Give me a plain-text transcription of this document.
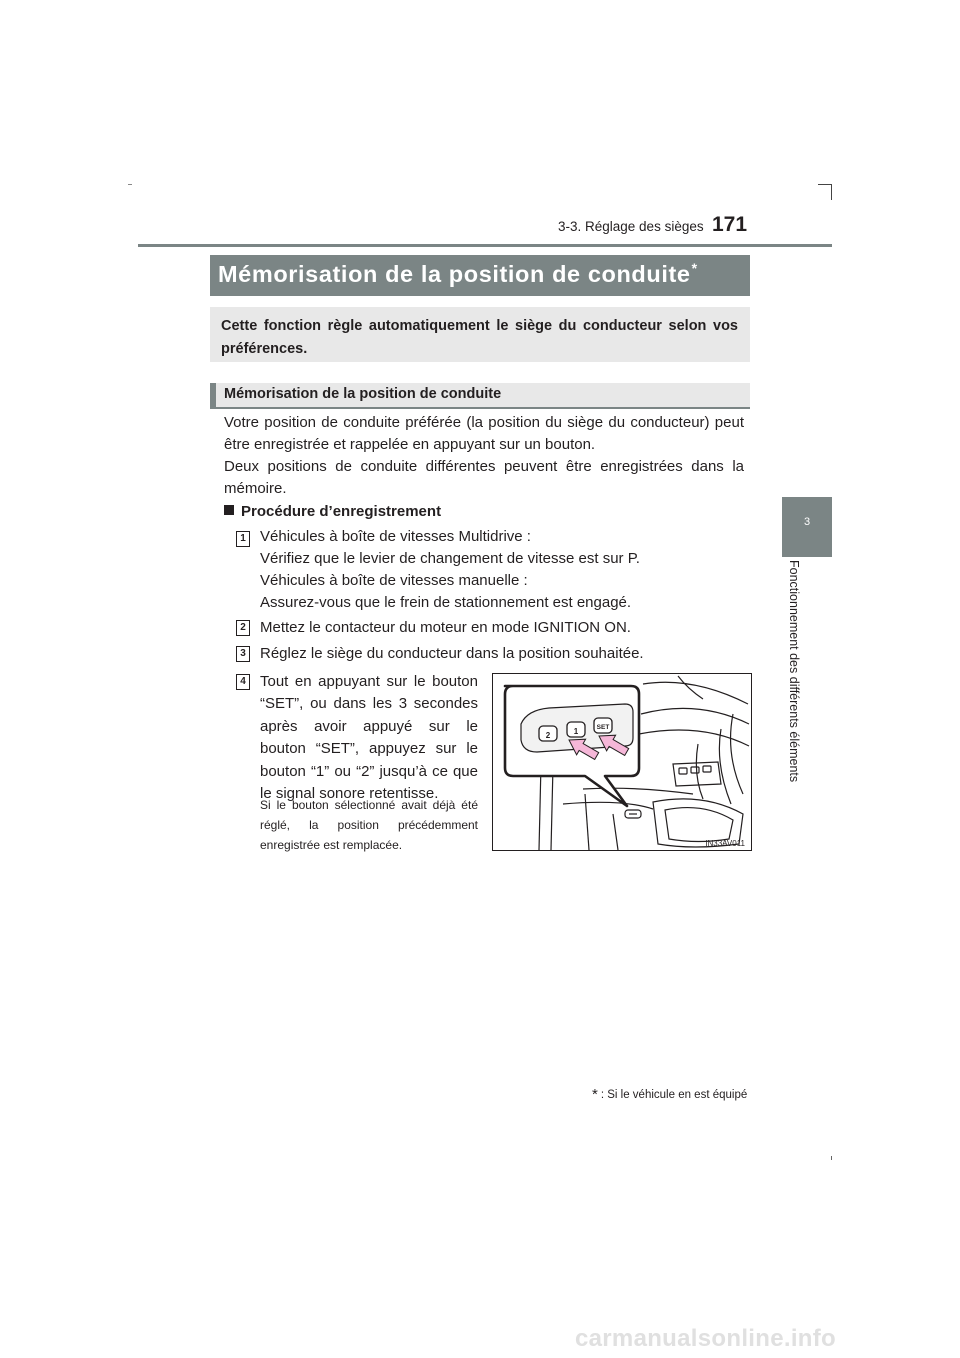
3-3. Réglage des sièges 171
3
Fonctionnement des différents éléments
Mémorisation de la position de conduite*
Cette fonction règle automatiquement le siège du conducteur selon vos préférences.
Mémorisation de la position de conduite
Votre position de conduite préférée (la position du siège du conducteur) peut être enregistrée et rappelée en appuyant sur un bouton.
Deux positions de conduite différentes peuvent être enregistrées dans la mémoire.
Procédure d’enregistrement
1 Véhicules à boîte de vitesses Multidrive :
Vérifiez que le levier de changement de vitesse est sur P.
Véhicules à boîte de vitesses manuelle :
Assurez-vous que le frein de stationnement est engagé.
2 Mettez le contacteur du moteur en mode IGNITION ON.
3 Réglez le siège du conducteur dans la position souhaitée.
4 Tout en appuyant sur le bouton “SET”, ou dans les 3 secondes après avoir appuyé sur le bouton “SET”, appuyez sur le bouton “1” ou “2” jusqu’à ce que le signal sonore retentisse.
Si le bouton sélectionné avait déjà été réglé, la position précédemment enregistrée est remplacée.
2	1	SET
IN33AV011
* : Si le véhicule en est équipé
carmanualsonline.info
